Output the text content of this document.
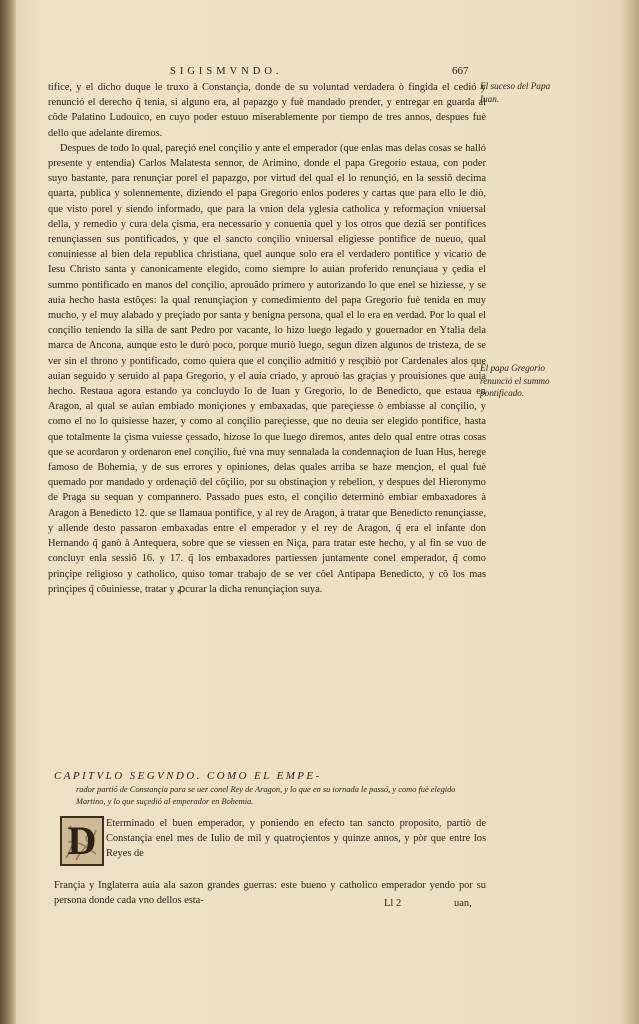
SIGISMVNDO.	667

tifice, y el dicho duque le truxo à Constançia, donde de su voluntad verdadera ò fingida el cedió y renunció el derecho q̃ tenia, si alguno era, al papazgo y fuè mandado prender, y entregar en guarda al cõde Palatino Ludouico, en cuyo poder estuuo miserablemente por tiempo de tres annos, despues fuè dello que adelante diremos.

Despues de todo lo qual, pareçió enel conçilio y ante el emperador (que enlas mas delas cosas se halló presente y entendia) Carlos Malatesta sennor, de Arimino, donde el papa Gregorio estaua, con poder suyo bastante, para renunçiar porel el papazgo, por virtud del qual el lo renunçió, en la sessiõ decima quarta, publica y solennemente, diziendo el papa Gregorio enlos poderes y cartas que para ello le diò, que visto porel y siendo informado, que para la vnion dela yglesia catholica y reformaçion vniuersal della, y remedio y cura dela çisma, era necessario y conuenia quel y los otros que deziã ser pontifices renunçiassen sus pontificados, y que el sancto conçilio vniuersal eligiesse pontifice de nueuo, qual conuiniesse al bien dela republica christiana, quel aunque solo era el verdadero pontifice y vicario de Iesu Christo santa y canonicamente elegido, como siempre lo auian proferido renunçiaua y çedia el summo pontificado en manos del conçilio, aprouãdo primero y autorizando lo que enel se hiziesse, y se auia hecho hasta estõçes: la qual renunçiaçion y comedimiento del papa Gregorio fuè tenida en muy mucho, y el muy alabado y preçiado por santa y benigna persona, qual el lo era en verdad. Por lo qual el conçilio teniendo la silla de sant Pedro por vacante, lo hizo luego legado y gouernador en Ytalia dela marca de Ancona, aunque esto le durò poco, porque muriò luego, segun dizen algunos de tristeza, de se ver sin el throno y pontificado, como quiera que el conçilio admitió y resçibiò por Cardenales alos que auian seguido y seruido al papa Gregorio, y el auia criado, y aprouò las graçias y prouisiones que auia hecho. Restaua agora estando ya concluydo lo de Iuan y Gregorio, lo de Benedicto, que estaua en Aragon, al qual se auian embiado moniçiones y embaxadas, que pareçiesse ò embiasse al conçilio, y como el no lo quisiesse hazer, y como al conçilio pareçiesse, que no deuia ser elegido pontifice, hasta que totalmente la çisma vuiesse çessado, hizose lo que luego diremos, antes delo qual entre otras cosas que se acordaron y ordenaron enel conçilio, fuè vna muy sennalada la condennaçion de Iuan Hus, herege famoso de Bohemia, y de sus errores y opiniones, delas quales arriba se haze menςion, el qual fuè quemado por mandado y ordenaçiõ del cõçilio, por su obstinaçion y rebelion, y despues del Hieronymo de Praga su sequan y compannero. Passado pues esto, el conçilio determinò embiar embaxadores à Aragon à Benedicto 12. que se llamaua pontifice, y al rey de Aragon, à tratar que Benedicto renunçiasse, y allende desto passaron embaxadas entre el emperador y el rey de Aragon, q̃ era el infante don Hernando q̃ ganò à Antequera, sobre que se viessen en Niça, para tratar este hecho, y al fin se vuo de concluyr enla sessiõ 16. y 17. q̃ los embaxadores partiessen juntamente conel emperador, q̃ como prinçipe religioso y catholico, quiso tomar trabajo de se ver cõel Antipapa Benedicto, y cõ los mas prinçipes q̃ cõuiniesse, tratar y ꝓcurar la dicha renunçiaçion suya.

El suceso del Papa Iuan.
El papa Gregorio renunció el summo pontificado.

CAPITVLO SEGVNDO. COMO EL EMPE-

rador partió de Constançia para se uer conel Rey de Aragon, y lo que en su iornada le passó, y como fuè elegido Martino, y lo que suçedió al emperador en Bohemia.

D Eterminado el buen emperador, y poniendo en efecto tan sancto proposito, partiò de Constançia enel mes de Iulio de mil y quatroçientos y quinze annos, y pòr que entre los Reyes de

Françia y Inglaterra auia ala sazon grandes guerras: este bueno y catholico emperador yendo por su persona donde cada vno dellos esta-	Ll 2	uan,
